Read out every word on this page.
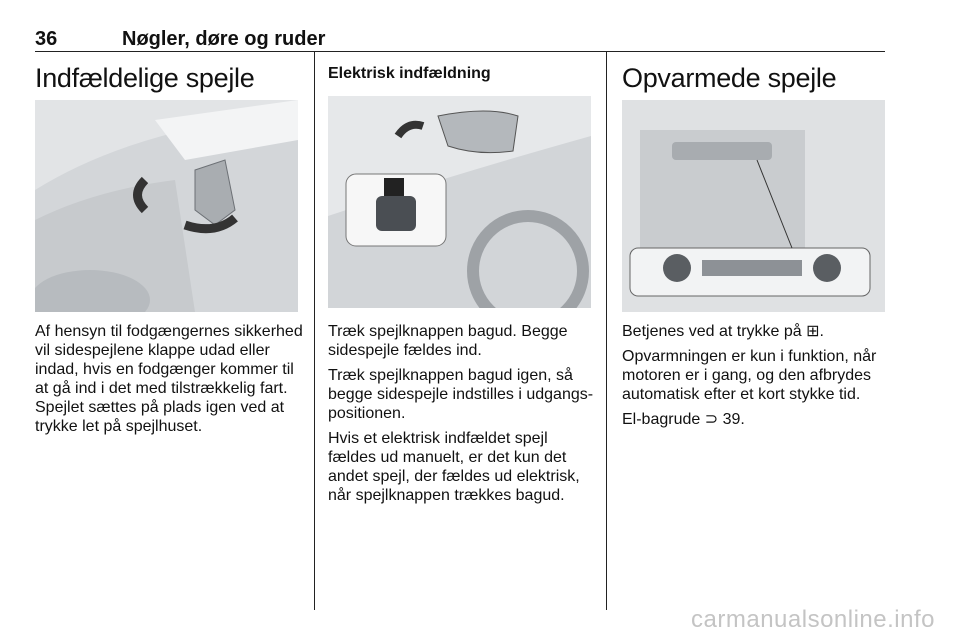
36	Nøgler, døre og ruder
Indfældelige spejle

Af hensyn til fodgængernes sikkerhed vil sidespejlene klappe udad eller indad, hvis en fodgænger kommer til at gå ind i det med tilstrækkelig fart. Spejlet sættes på plads igen ved at trykke let på spejlhuset.

Elektrisk indfældning

Træk spejlknappen bagud. Begge sidespejle fældes ind.

Træk spejlknappen bagud igen, så begge sidespejle indstilles i udgangs-positionen.

Hvis et elektrisk indfældet spejl fældes ud manuelt, er det kun det andet spejl, der fældes ud elektrisk, når spejlknappen trækkes bagud.

Opvarmede spejle

Betjenes ved at trykke på ⊞.

Opvarmningen er kun i funktion, når motoren er i gang, og den afbrydes automatisk efter et kort stykke tid.

El-bagrude ⊃ 39.

carmanualsonline.info
